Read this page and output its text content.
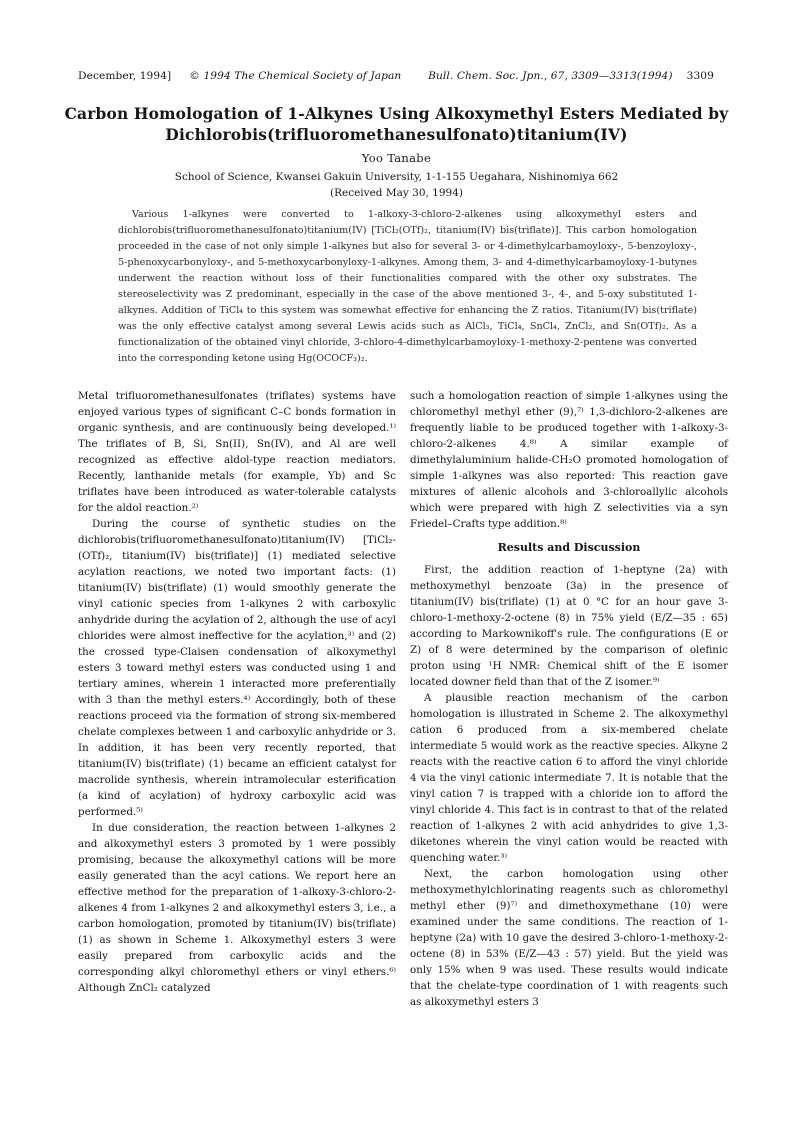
December, 1994] © 1994 The Chemical Society of Japan	Bull. Chem. Soc. Jpn., 67, 3309—3313(1994) 3309
Carbon Homologation of 1-Alkynes Using Alkoxymethyl Esters Mediated by
Dichlorobis(trifluoromethanesulfonato)titanium(IV)
Yoo Tanabe
School of Science, Kwansei Gakuin University, 1-1-155 Uegahara, Nishinomiya 662
(Received May 30, 1994)
Various 1-alkynes were converted to 1-alkoxy-3-chloro-2-alkenes using alkoxymethyl esters and dichlorobis(trifluoromethanesulfonato)titanium(IV) [TiCl₂(OTf)₂, titanium(IV) bis(triflate)]. This carbon homologation proceeded in the case of not only simple 1-alkynes but also for several 3- or 4-dimethylcarbamoyloxy-, 5-benzoyloxy-, 5-phenoxycarbonyloxy-, and 5-methoxycarbonyloxy-1-alkynes. Among them, 3- and 4-dimethylcarbamoyloxy-1-butynes underwent the reaction without loss of their functionalities compared with the other oxy substrates. The stereoselectivity was Z predominant, especially in the case of the above mentioned 3-, 4-, and 5-oxy substituted 1-alkynes. Addition of TiCl₄ to this system was somewhat effective for enhancing the Z ratios. Titanium(IV) bis(triflate) was the only effective catalyst among several Lewis acids such as AlCl₃, TiCl₄, SnCl₄, ZnCl₂, and Sn(OTf)₂. As a functionalization of the obtained vinyl chloride, 3-chloro-4-dimethylcarbamoyloxy-1-methoxy-2-pentene was converted into the corresponding ketone using Hg(OCOCF₃)₂.

Metal trifluoromethanesulfonates (triflates) systems have enjoyed various types of significant C–C bonds formation in organic synthesis, and are continuously being developed.¹⁾ The triflates of B, Si, Sn(II), Sn(IV), and Al are well recognized as effective aldol-type reaction mediators. Recently, lanthanide metals (for example, Yb) and Sc triflates have been introduced as water-tolerable catalysts for the aldol reaction.²⁾

During the course of synthetic studies on the dichlorobis(trifluoromethanesulfonato)titanium(IV) [TiCl₂-(OTf)₂, titanium(IV) bis(triflate)] (1) mediated selective acylation reactions, we noted two important facts: (1) titanium(IV) bis(triflate) (1) would smoothly generate the vinyl cationic species from 1-alkynes 2 with carboxylic anhydride during the acylation of 2, although the use of acyl chlorides were almost ineffective for the acylation,³⁾ and (2) the crossed type-Claisen condensation of alkoxymethyl esters 3 toward methyl esters was conducted using 1 and tertiary amines, wherein 1 interacted more preferentially with 3 than the methyl esters.⁴⁾ Accordingly, both of these reactions proceed via the formation of strong six-membered chelate complexes between 1 and carboxylic anhydride or 3. In addition, it has been very recently reported, that titanium(IV) bis(triflate) (1) became an efficient catalyst for macrolide synthesis, wherein intramolecular esterification (a kind of acylation) of hydroxy carboxylic acid was performed.⁵⁾

In due consideration, the reaction between 1-alkynes 2 and alkoxymethyl esters 3 promoted by 1 were possibly promising, because the alkoxymethyl cations will be more easily generated than the acyl cations. We report here an effective method for the preparation of 1-alkoxy-3-chloro-2-alkenes 4 from 1-alkynes 2 and alkoxymethyl esters 3, i.e., a carbon homologation, promoted by titanium(IV) bis(triflate) (1) as shown in Scheme 1. Alkoxymethyl esters 3 were easily prepared from carboxylic acids and the corresponding alkyl chloromethyl ethers or vinyl ethers.⁶⁾ Although ZnCl₂ catalyzed

such a homologation reaction of simple 1-alkynes using the chloromethyl methyl ether (9),⁷⁾ 1,3-dichloro-2-alkenes are frequently liable to be produced together with 1-alkoxy-3-chloro-2-alkenes 4.⁸⁾ A similar example of dimethylaluminium halide-CH₂O promoted homologation of simple 1-alkynes was also reported: This reaction gave mixtures of allenic alcohols and 3-chloroallylic alcohols which were prepared with high Z selectivities via a syn Friedel–Crafts type addition.⁸⁾

Results and Discussion

First, the addition reaction of 1-heptyne (2a) with methoxymethyl benzoate (3a) in the presence of titanium(IV) bis(triflate) (1) at 0 °C for an hour gave 3-chloro-1-methoxy-2-octene (8) in 75% yield (E/Z—35 : 65) according to Markownikoff's rule. The configurations (E or Z) of 8 were determined by the comparison of olefinic proton using ¹H NMR: Chemical shift of the E isomer located downer field than that of the Z isomer.⁹⁾

A plausible reaction mechanism of the carbon homologation is illustrated in Scheme 2. The alkoxymethyl cation 6 produced from a six-membered chelate intermediate 5 would work as the reactive species. Alkyne 2 reacts with the reactive cation 6 to afford the vinyl chloride 4 via the vinyl cationic intermediate 7. It is notable that the vinyl cation 7 is trapped with a chloride ion to afford the vinyl chloride 4. This fact is in contrast to that of the related reaction of 1-alkynes 2 with acid anhydrides to give 1,3-diketones wherein the vinyl cation would be reacted with quenching water.³⁾

Next, the carbon homologation using other methoxymethylchlorinating reagents such as chloromethyl methyl ether (9)⁷⁾ and dimethoxymethane (10) were examined under the same conditions. The reaction of 1-heptyne (2a) with 10 gave the desired 3-chloro-1-methoxy-2-octene (8) in 53% (E/Z—43 : 57) yield. But the yield was only 15% when 9 was used. These results would indicate that the chelate-type coordination of 1 with reagents such as alkoxymethyl esters 3
